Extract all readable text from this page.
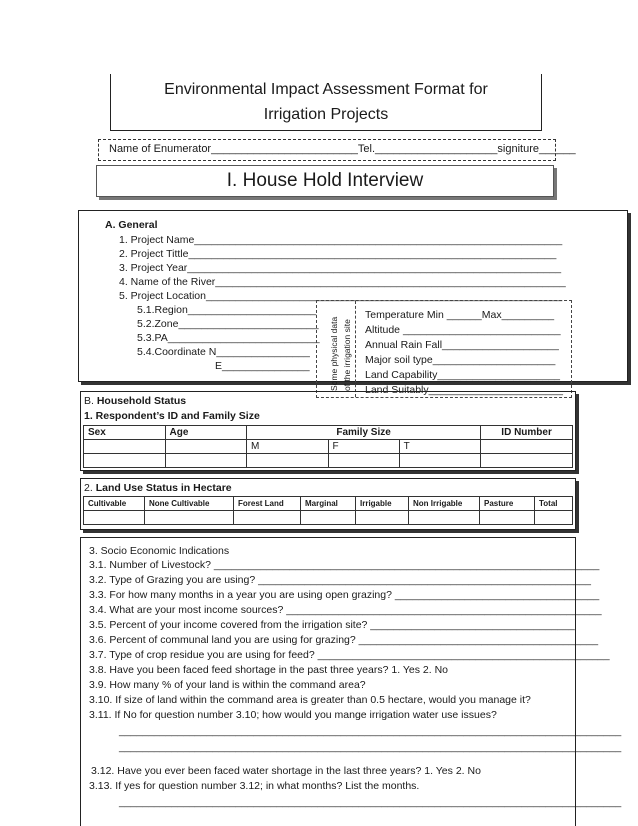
Environmental Impact Assessment Format for
Irrigation Projects
Name of Enumerator________________________Tel.____________________signiture______
I. House Hold Interview
A. General
1. Project Name_______________________________________________________________
2. Project Tittle_______________________________________________________________
3. Project Year________________________________________________________________
4. Name of the River____________________________________________________________
5. Project Location_____________________________________________________________
5.1.Region______________________
5.2.Zone________________________
5.3.PA__________________________
5.4.Coordinate N________________
E_______________ Some physical data of the irrigation site
Temperature Min ______Max_________
Altitude ___________________________
Annual Rain Fall____________________
Major soil type_____________________
Land Capability_____________________
Land Suitably_______________________
B. Household Status
1. Respondent’s ID and Family Size
Sex	Age	Family Size			ID Number
		M	F	T	

2. Land Use Status in Hectare
Cultivable	None Cultivable	Forest Land	Marginal	Irrigable	Non Irrigable	Pasture	Total

3. Socio Economic Indications
3.1. Number of Livestock? __________________________________________________________________
3.2. Type of Grazing you are using? _________________________________________________________
3.3. For how many months in a year you are using open grazing? ___________________________________
3.4. What are your most income sources? ______________________________________________________
3.5. Percent of your income covered from the irrigation site? ___________________________________
3.6. Percent of communal land you are using for grazing? _________________________________________
3.7. Type of crop residue you are using for feed? __________________________________________________
3.8. Have you been faced feed shortage in the past three years? 1. Yes 2. No
3.9. How many % of your land is within the command area?
3.10. If size of land within the command area is greater than 0.5 hectare, would you manage it?
3.11. If No for question number 3.10; how would you mange irrigation water use issues?
______________________________________________________________________________________
______________________________________________________________________________________
3.12. Have you ever been faced water shortage in the last three years? 1. Yes 2. No
3.13. If yes for question number 3.12; in what months? List the months.
______________________________________________________________________________________
